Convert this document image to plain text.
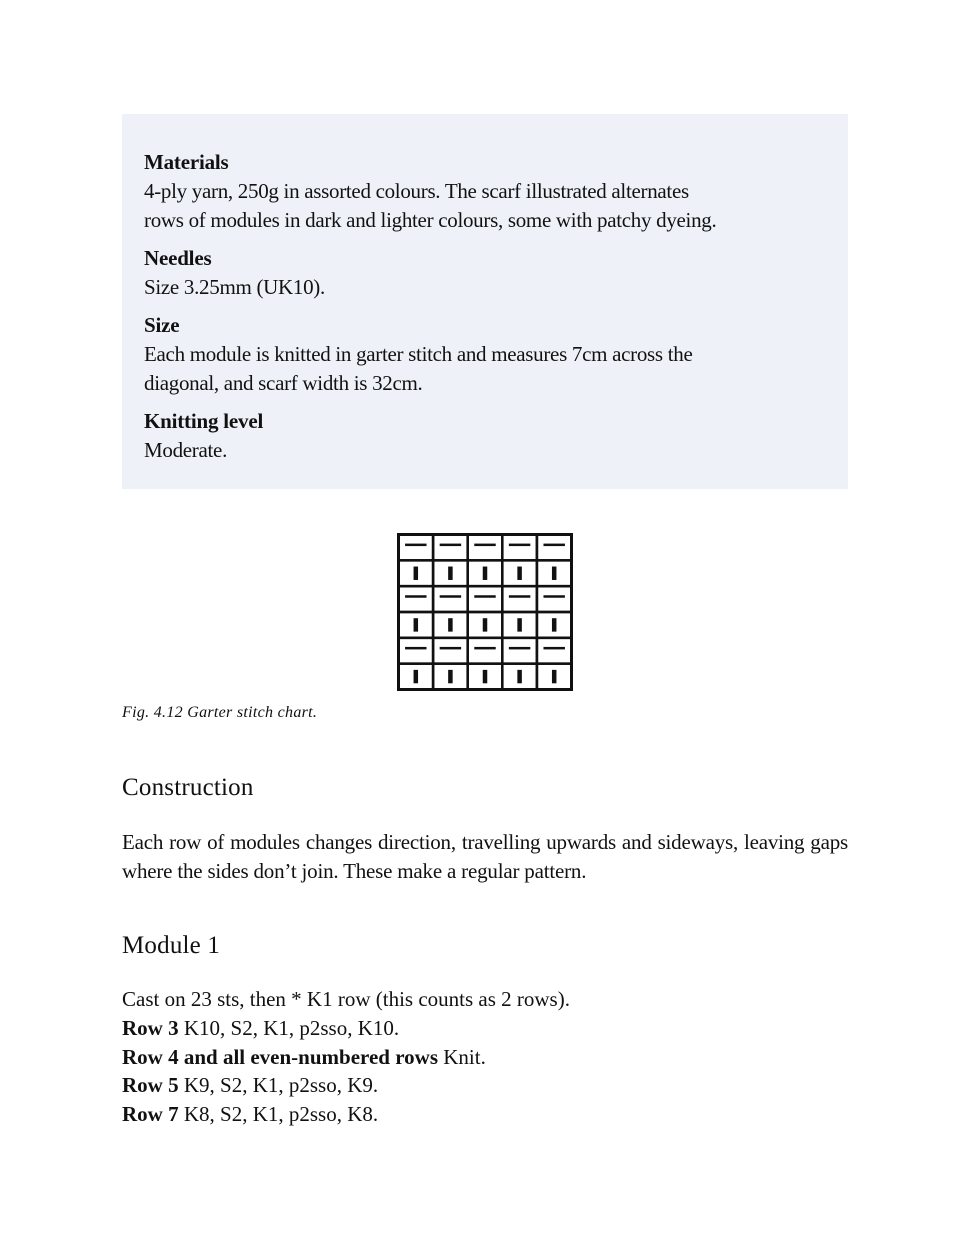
Materials
4-ply yarn, 250g in assorted colours. The scarf illustrated alternates
rows of modules in dark and lighter colours, some with patchy dyeing.
Needles
Size 3.25mm (UK10).
Size
Each module is knitted in garter stitch and measures 7cm across the
diagonal, and scarf width is 32cm.
Knitting level
Moderate.
Fig. 4.12 Garter stitch chart.
Construction

Each row of modules changes direction, travelling upwards and sideways, leaving gaps where the sides don’t join. These make a regular pattern.

Module 1
Cast on 23 sts, then * K1 row (this counts as 2 rows).
Row 3 K10, S2, K1, p2sso, K10.
Row 4 and all even-numbered rows Knit.
Row 5 K9, S2, K1, p2sso, K9.
Row 7 K8, S2, K1, p2sso, K8.
